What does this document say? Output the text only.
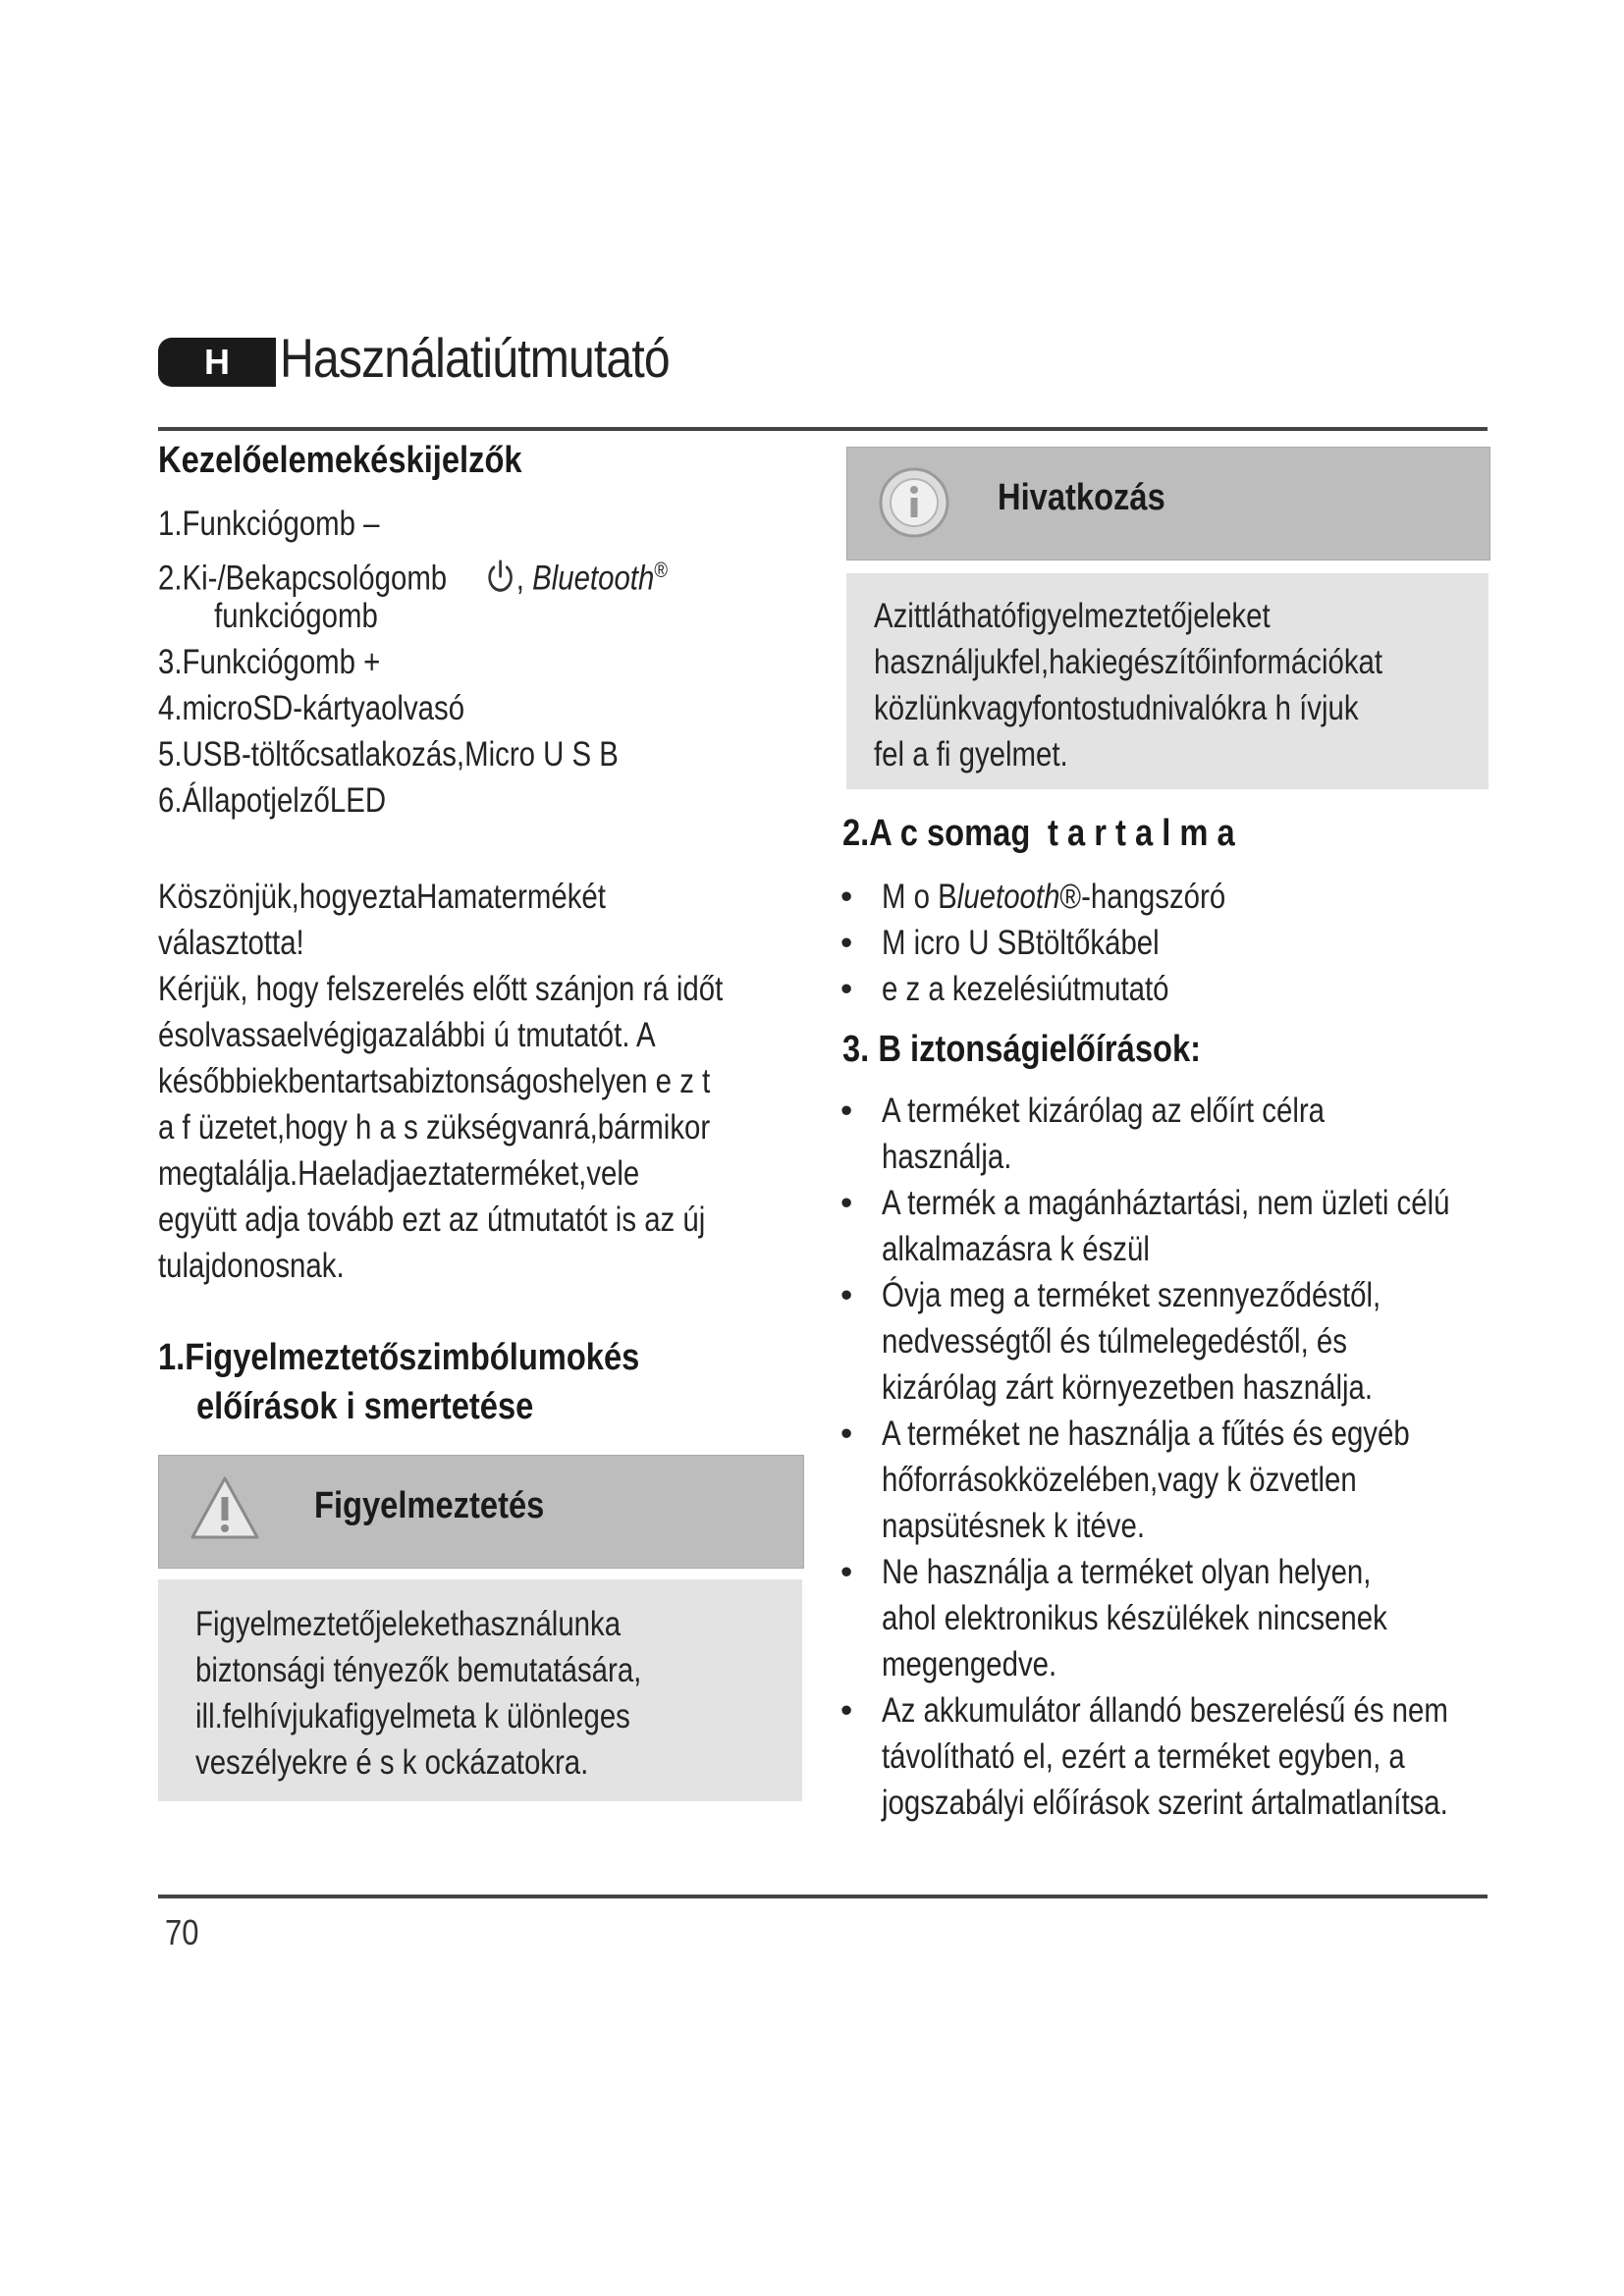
H Használatiútmutató
Kezelőelemekéskijelzők
1.Funkciógomb –
2.Ki-/Bekapcsológomb , Bluetooth®
funkciógomb
3.Funkciógomb +
4.microSD-kártyaolvasó
5.USB-töltőcsatlakozás,Micro U S B
6.ÁllapotjelzőLED
Köszönjük,hogyeztaHamatermékét
választotta!
Kérjük, hogy felszerelés előtt szánjon rá időt
ésolvassaelvégigazalábbi ú tmutatót. A
későbbiekbentartsabiztonságoshelyen e z t
a f üzetet,hogy h a s zükségvanrá,bármikor
megtalálja.Haeladjaeztaterméket,vele
együtt adja tovább ezt az útmutatót is az új
tulajdonosnak.
1.Figyelmeztetőszimbólumokés
előírások i smertetése
Figyelmeztetés
Figyelmeztetőjelekethasználunka
biztonsági tényezők bemutatására,
ill.felhívjukafigyelmeta k ülönleges
veszélyekre é s k ockázatokra.
Hivatkozás
Azittláthatófigyelmeztetőjeleket
használjukfel,hakiegészítőinformációkat
közlünkvagyfontostudnivalókra h ívjuk
fel a fi gyelmet.
2.A c somag t a r t a l m a
• M o Bluetooth®-hangszóró
• M icro U SBtöltőkábel
• e z a kezelésiútmutató
3. B iztonságielőírások:
• A terméket kizárólag az előírt célra
használja.
• A termék a magánháztartási, nem üzleti célú
alkalmazásra k észül
• Óvja meg a terméket szennyeződéstől,
nedvességtől és túlmelegedéstől, és
kizárólag zárt környezetben használja.
• A terméket ne használja a fűtés és egyéb
hőforrásokközelében,vagy k özvetlen
napsütésnek k itéve.
• Ne használja a terméket olyan helyen,
ahol elektronikus készülékek nincsenek
megengedve.
• Az akkumulátor állandó beszerelésű és nem
távolítható el, ezért a terméket egyben, a
jogszabályi előírások szerint ártalmatlanítsa.
70
